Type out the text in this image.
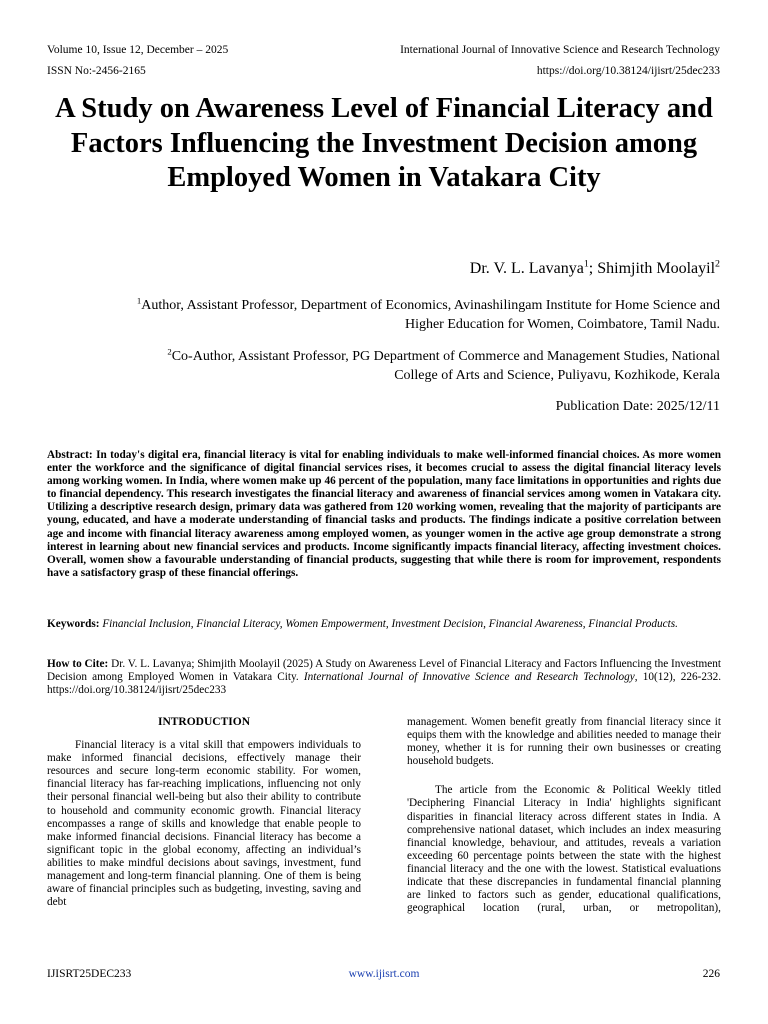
Volume 10, Issue 12, December – 2025	International Journal of Innovative Science and Research Technology
ISSN No:-2456-2165	https://doi.org/10.38124/ijisrt/25dec233
A Study on Awareness Level of Financial Literacy and Factors Influencing the Investment Decision among Employed Women in Vatakara City
Dr. V. L. Lavanya$^1$; Shimjith Moolayil$^2$

$^1$Author, Assistant Professor, Department of Economics, Avinashilingam Institute for Home Science and

Higher Education for Women, Coimbatore, Tamil Nadu.

$^2$Co-Author, Assistant Professor, PG Department of Commerce and Management Studies, National

College of Arts and Science, Puliyavu, Kozhikode, Kerala

Publication Date: 2025/12/11
Abstract: In today's digital era, financial literacy is vital for enabling individuals to make well-informed financial choices. As more women enter the workforce and the significance of digital financial services rises, it becomes crucial to assess the digital financial literacy levels among working women. In India, where women make up 46 percent of the population, many face limitations in opportunities and rights due to financial dependency. This research investigates the financial literacy and awareness of financial services among women in Vatakara city. Utilizing a descriptive research design, primary data was gathered from 120 working women, revealing that the majority of participants are young, educated, and have a moderate understanding of financial tasks and products. The findings indicate a positive correlation between age and income with financial literacy awareness among employed women, as younger women in the active age group demonstrate a strong interest in learning about new financial services and products. Income significantly impacts financial literacy, affecting investment choices. Overall, women show a favourable understanding of financial products, suggesting that while there is room for improvement, respondents have a satisfactory grasp of these financial offerings.
Keywords: Financial Inclusion, Financial Literacy, Women Empowerment, Investment Decision, Financial Awareness, Financial Products.
How to Cite: Dr. V. L. Lavanya; Shimjith Moolayil (2025) A Study on Awareness Level of Financial Literacy and Factors Influencing the Investment Decision among Employed Women in Vatakara City. International Journal of Innovative Science and Research Technology, 10(12), 226-232. https://doi.org/10.38124/ijisrt/25dec233

INTRODUCTION

Financial literacy is a vital skill that empowers individuals to make informed financial decisions, effectively manage their resources and secure long-term economic stability. For women, financial literacy has far-reaching implications, influencing not only their personal financial well-being but also their ability to contribute to household and community economic growth. Financial literacy encompasses a range of skills and knowledge that enable people to make informed financial decisions. Financial literacy has become a significant topic in the global economy, affecting an individual’s abilities to make mindful decisions about savings, investment, fund management and long-term financial planning. One of them is being aware of financial principles such as budgeting, investing, saving and debt

management. Women benefit greatly from financial literacy since it equips them with the knowledge and abilities needed to manage their money, whether it is for running their own businesses or creating household budgets.

The article from the Economic & Political Weekly titled 'Deciphering Financial Literacy in India' highlights significant disparities in financial literacy across different states in India. A comprehensive national dataset, which includes an index measuring financial knowledge, behaviour, and attitudes, reveals a variation exceeding 60 percentage points between the state with the highest financial literacy and the one with the lowest. Statistical evaluations indicate that these discrepancies in fundamental financial planning are linked to factors such as gender, educational qualifications, geographical location (rural, urban, or metropolitan),

IJISRT25DEC233	www.ijisrt.com	226
